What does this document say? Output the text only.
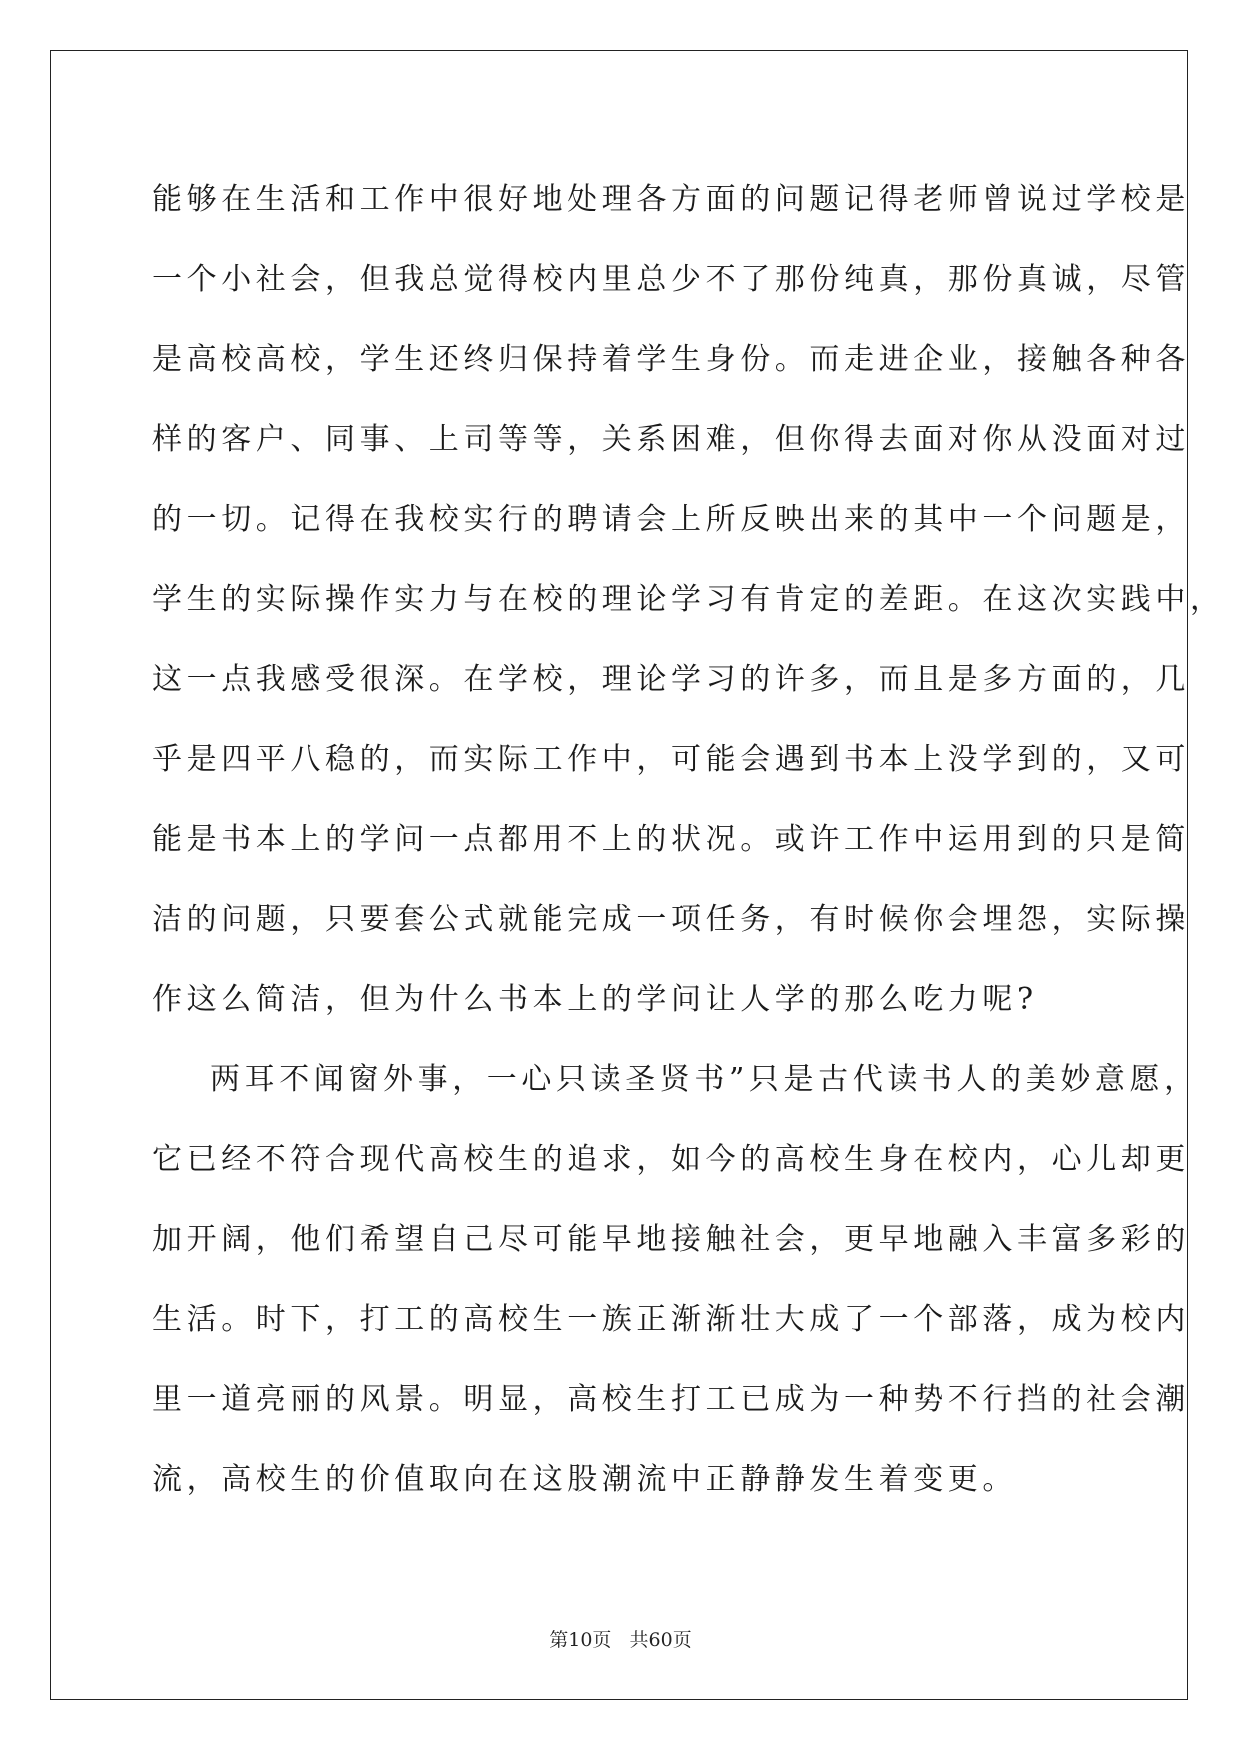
能够在生活和工作中很好地处理各方面的问题记得老师曾说过学校是
一个小社会，但我总觉得校内里总少不了那份纯真，那份真诚，尽管
是高校高校，学生还终归保持着学生身份。而走进企业，接触各种各
样的客户、同事、上司等等，关系困难，但你得去面对你从没面对过
的一切。记得在我校实行的聘请会上所反映出来的其中一个问题是，
学生的实际操作实力与在校的理论学习有肯定的差距。在这次实践中，
这一点我感受很深。在学校，理论学习的许多，而且是多方面的，几
乎是四平八稳的，而实际工作中，可能会遇到书本上没学到的，又可
能是书本上的学问一点都用不上的状况。或许工作中运用到的只是简
洁的问题，只要套公式就能完成一项任务，有时候你会埋怨，实际操
作这么简洁，但为什么书本上的学问让人学的那么吃力呢?
两耳不闻窗外事，一心只读圣贤书”只是古代读书人的美妙意愿，
它已经不符合现代高校生的追求，如今的高校生身在校内，心儿却更
加开阔，他们希望自己尽可能早地接触社会，更早地融入丰富多彩的
生活。时下，打工的高校生一族正渐渐壮大成了一个部落，成为校内
里一道亮丽的风景。明显，高校生打工已成为一种势不行挡的社会潮
流，高校生的价值取向在这股潮流中正静静发生着变更。
第10页   共60页
